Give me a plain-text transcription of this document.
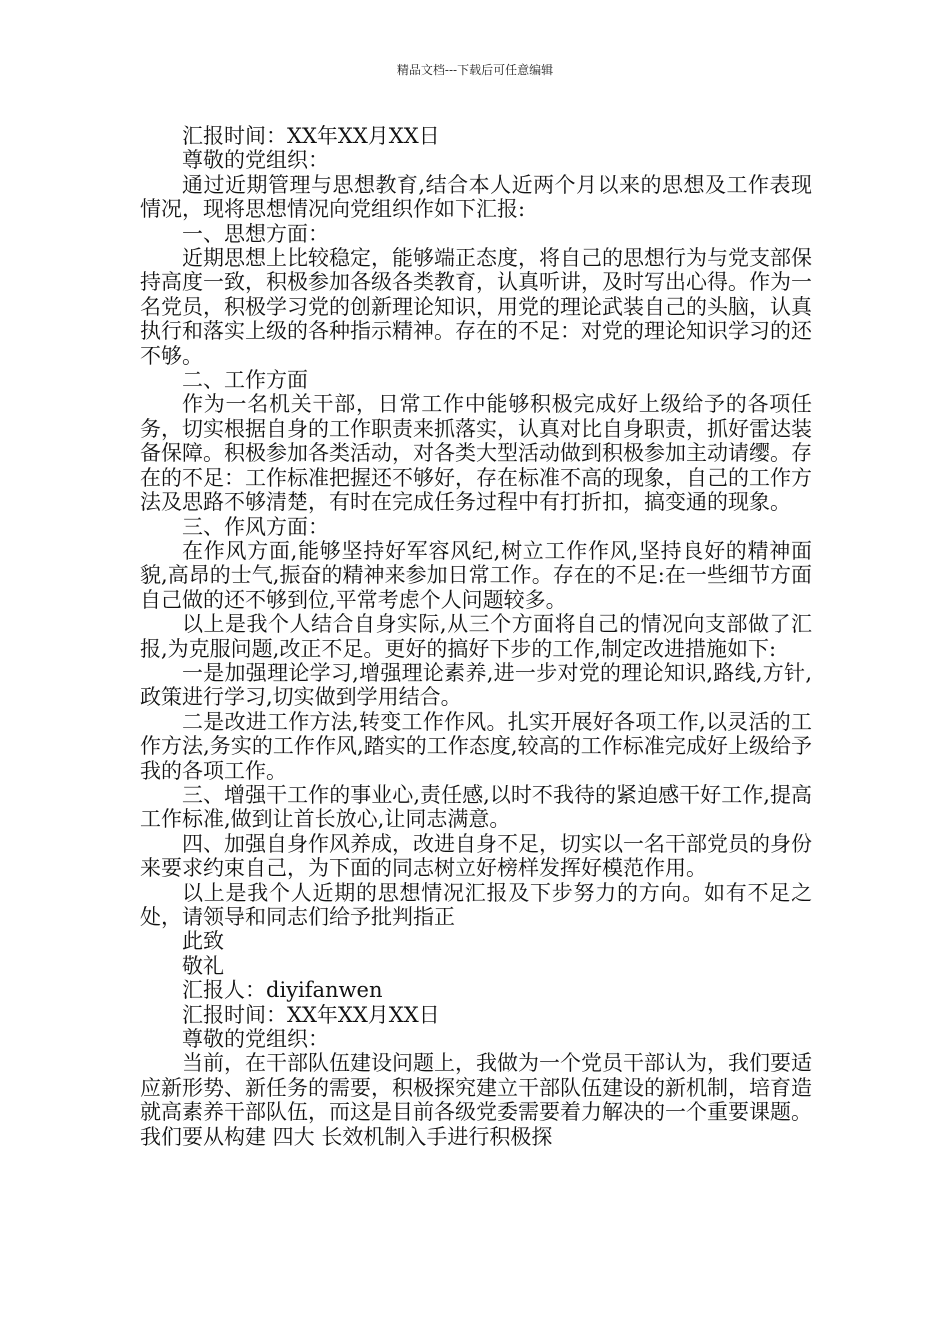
精品文档---下载后可任意编辑

汇报时间：XX年XX月XX日

尊敬的党组织：

通过近期管理与思想教育,结合本人近两个月以来的思想及工作表现情况，现将思想情况向党组织作如下汇报:

一、思想方面：

近期思想上比较稳定，能够端正态度，将自己的思想行为与党支部保持高度一致，积极参加各级各类教育，认真听讲，及时写出心得。作为一名党员，积极学习党的创新理论知识，用党的理论武装自己的头脑，认真执行和落实上级的各种指示精神。存在的不足：对党的理论知识学习的还不够。

二、工作方面

作为一名机关干部，日常工作中能够积极完成好上级给予的各项任务，切实根据自身的工作职责来抓落实，认真对比自身职责，抓好雷达装备保障。积极参加各类活动，对各类大型活动做到积极参加主动请缨。存在的不足：工作标准把握还不够好，存在标准不高的现象，自己的工作方法及思路不够清楚，有时在完成任务过程中有打折扣，搞变通的现象。

三、作风方面：

在作风方面,能够坚持好军容风纪,树立工作作风,坚持良好的精神面貌,高昂的士气,振奋的精神来参加日常工作。存在的不足:在一些细节方面自己做的还不够到位,平常考虑个人问题较多。

以上是我个人结合自身实际,从三个方面将自己的情况向支部做了汇报,为克服问题,改正不足。更好的搞好下步的工作,制定改进措施如下:

一是加强理论学习,增强理论素养,进一步对党的理论知识,路线,方针,政策进行学习,切实做到学用结合。

二是改进工作方法,转变工作作风。扎实开展好各项工作,以灵活的工作方法,务实的工作作风,踏实的工作态度,较高的工作标准完成好上级给予我的各项工作。

三、增强干工作的事业心,责任感,以时不我待的紧迫感干好工作,提高工作标准,做到让首长放心,让同志满意。

四、加强自身作风养成，改进自身不足，切实以一名干部党员的身份来要求约束自己，为下面的同志树立好榜样发挥好模范作用。

以上是我个人近期的思想情况汇报及下步努力的方向。如有不足之处，请领导和同志们给予批判指正

此致

敬礼

汇报人：diyifanwen

汇报时间：XX年XX月XX日

尊敬的党组织：

当前，在干部队伍建设问题上，我做为一个党员干部认为，我们要适应新形势、新任务的需要，积极探究建立干部队伍建设的新机制，培育造就高素养干部队伍，而这是目前各级党委需要着力解决的一个重要课题。我们要从构建 四大 长效机制入手进行积极探
